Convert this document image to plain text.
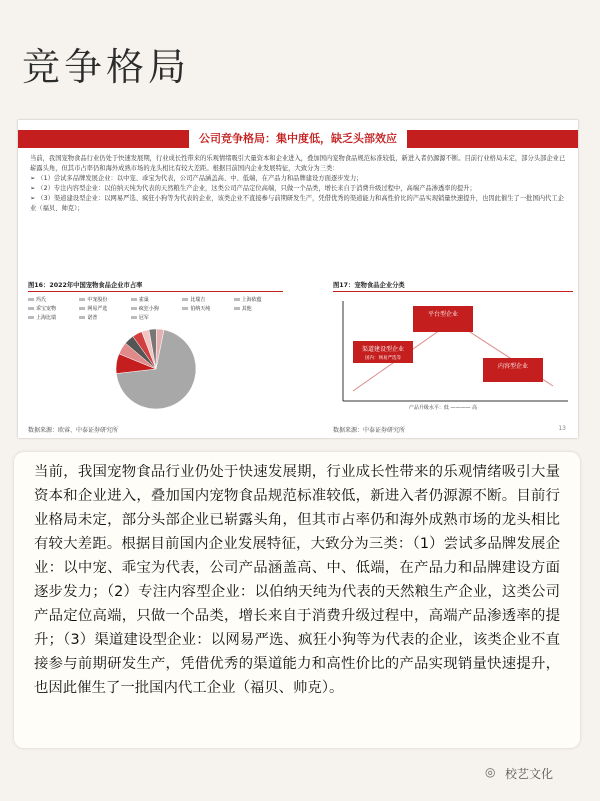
竞争格局
公司竞争格局：集中度低，缺乏头部效应

当前，我国宠物食品行业仍处于快速发展期，行业成长性带来的乐观情绪吸引大量资本和企业进入，叠加国内宠物食品规范标准较低，新进入者仍源源不断。目前行业格局未定，部分头部企业已崭露头角，但其市占率仍和海外成熟市场的龙头相比有较大差距。根据目前国内企业发展特征，大致分为三类：

➢ （1）尝试多品牌发展企业：以中宠、乖宝为代表，公司产品涵盖高、中、低端，在产品力和品牌建设方面逐步发力；

➢ （2）专注内容型企业：以伯纳天纯为代表的天然粮生产企业，这类公司产品定位高端，只做一个品类，增长来自于消费升级过程中，高端产品渗透率的提升；

➢ （3）渠道建设型企业：以网易严选、疯狂小狗等为代表的企业，该类企业不直接参与前期研发生产，凭借优秀的渠道能力和高性价比的产品实现销量快速提升，也因此催生了一批国内代工企业（福贝、帅克）；

图16：2022年中国宠物食品企业市占率
玛氏	中宠股份	雀巢	比瑞吉	上海依蕴
乖宝宠物	网易严选	疯狂小狗	伯纳天纯	其他
上海比瑞	诺普	冠军
图17：宠物食品企业分类
平台型企业
渠道建设型企业
国内：网易严选等
内容型企业
产品升级水平：低 ———— 高
数据来源：欧睿、中泰证券研究所	数据来源：中泰证券研究所	13

当前，我国宠物食品行业仍处于快速发展期，行业成长性带来的乐观情绪吸引大量资本和企业进入，叠加国内宠物食品规范标准较低，新进入者仍源源不断。目前行业格局未定，部分头部企业已崭露头角，但其市占率仍和海外成熟市场的龙头相比有较大差距。根据目前国内企业发展特征，大致分为三类：（1）尝试多品牌发展企业：以中宠、乖宝为代表，公司产品涵盖高、中、低端，在产品力和品牌建设方面逐步发力；（2）专注内容型企业：以伯纳天纯为代表的天然粮生产企业，这类公司产品定位高端，只做一个品类，增长来自于消费升级过程中，高端产品渗透率的提升；（3）渠道建设型企业：以网易严选、疯狂小狗等为代表的企业，该类企业不直接参与前期研发生产，凭借优秀的渠道能力和高性价比的产品实现销量快速提升，也因此催生了一批国内代工企业（福贝、帅克）。

◎ 校艺文化
